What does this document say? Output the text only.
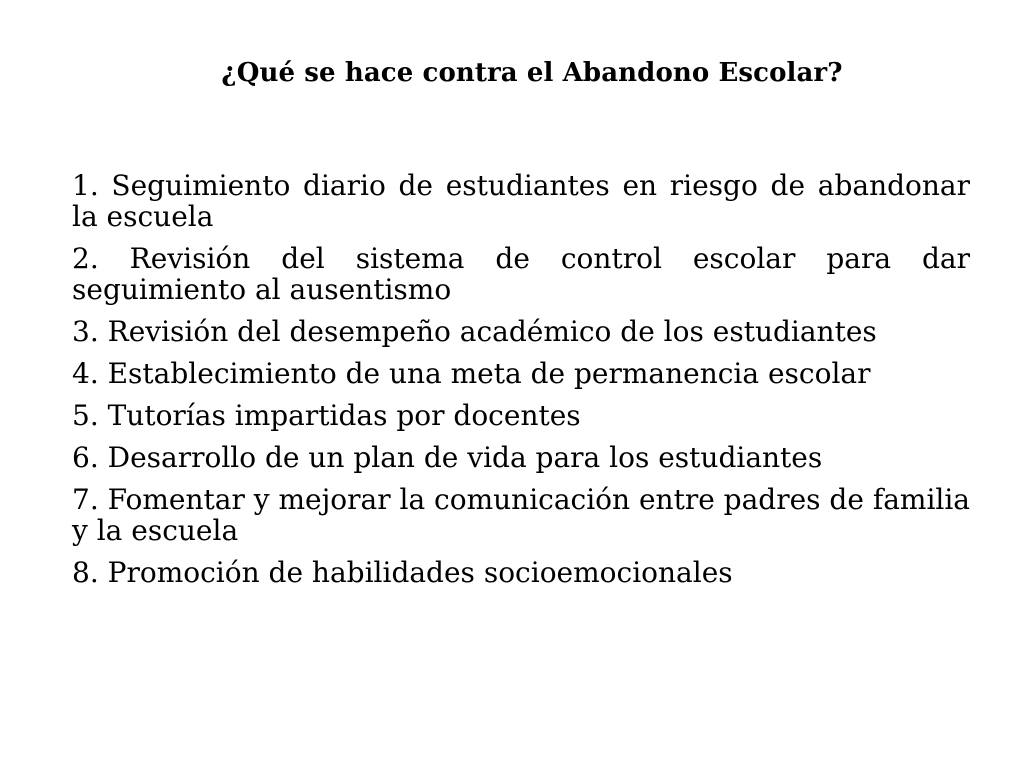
¿Qué se hace contra el Abandono Escolar?
1. Seguimiento diario de estudiantes en riesgo de abandonar la escuela
2. Revisión del sistema de control escolar para dar seguimiento al ausentismo
3. Revisión del desempeño académico de los estudiantes
4. Establecimiento de una meta de permanencia escolar
5. Tutorías impartidas por docentes
6. Desarrollo de un plan de vida para los estudiantes
7. Fomentar y mejorar la comunicación entre padres de familia y la escuela
8. Promoción de habilidades socioemocionales
